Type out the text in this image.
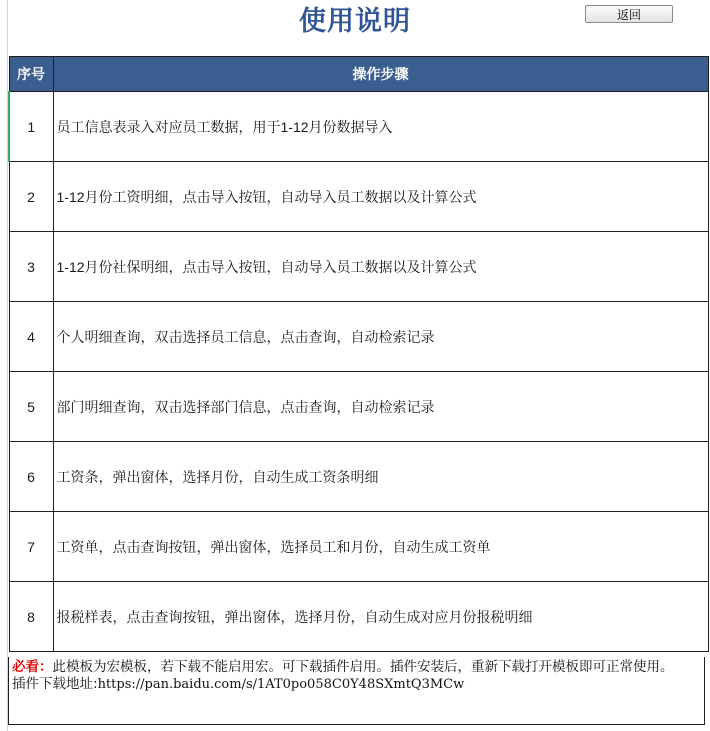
使用说明	返回
序号	操作步骤
1	员工信息表录入对应员工数据，用于1-12月份数据导入
2	1-12月份工资明细，点击导入按钮，自动导入员工数据以及计算公式
3	1-12月份社保明细，点击导入按钮，自动导入员工数据以及计算公式
4	个人明细查询，双击选择员工信息，点击查询，自动检索记录
5	部门明细查询，双击选择部门信息，点击查询，自动检索记录
6	工资条，弹出窗体，选择月份，自动生成工资条明细
7	工资单，点击查询按钮，弹出窗体，选择员工和月份，自动生成工资单
8	报税样表，点击查询按钮，弹出窗体，选择月份，自动生成对应月份报税明细
必看：此模板为宏模板，若下载不能启用宏。可下载插件启用。插件安装后，重新下载打开模板即可正常使用。
插件下载地址:https://pan.baidu.com/s/1AT0po058C0Y48SXmtQ3MCw
